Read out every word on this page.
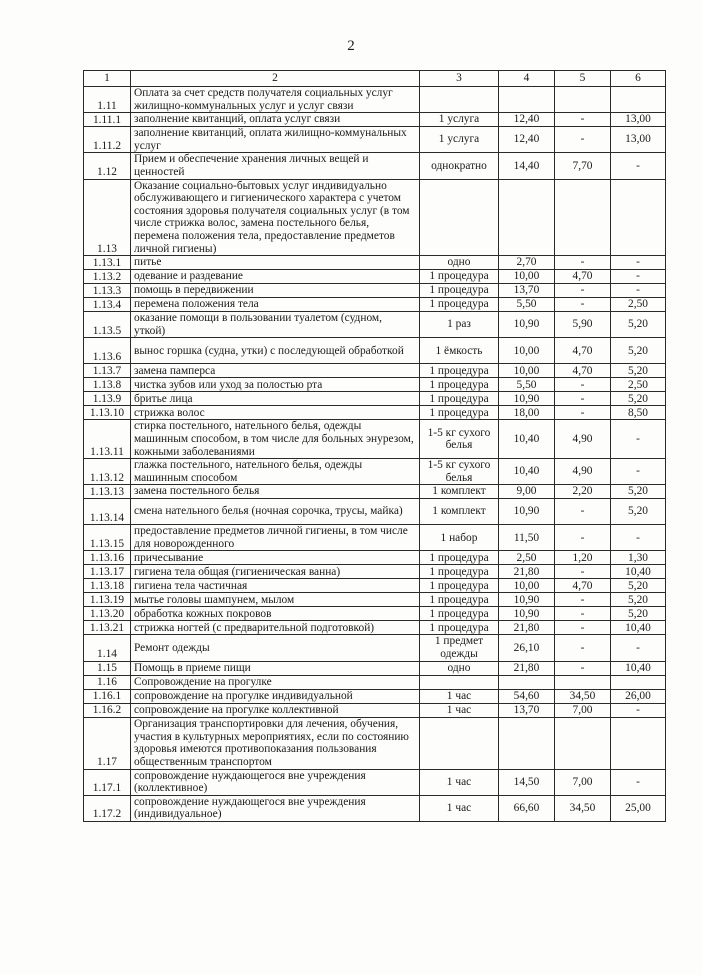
2
1	2	3	4	5	6
1.11	Оплата за счет средств получателя социальных услуг жилищно-коммунальных услуг и услуг связи				
1.11.1	заполнение квитанций, оплата услуг связи	1 услуга	12,40	-	13,00
1.11.2	заполнение квитанций, оплата жилищно-коммунальных услуг	1 услуга	12,40	-	13,00
1.12	Прием и обеспечение хранения личных вещей и ценностей	однократно	14,40	7,70	-
1.13	Оказание социально-бытовых услуг индивидуально обслуживающего и гигиенического характера с учетом состояния здоровья получателя социальных услуг (в том числе стрижка волос, замена постельного белья, перемена положения тела, предоставление предметов личной гигиены)				
1.13.1	питье	одно	2,70	-	-
1.13.2	одевание и раздевание	1 процедура	10,00	4,70	-
1.13.3	помощь в передвижении	1 процедура	13,70	-	-
1.13.4	перемена положения тела	1 процедура	5,50	-	2,50
1.13.5	оказание помощи в пользовании туалетом (судном, уткой)	1 раз	10,90	5,90	5,20
1.13.6	вынос горшка (судна, утки) с последующей обработкой	1 ёмкость	10,00	4,70	5,20
1.13.7	замена памперса	1 процедура	10,00	4,70	5,20
1.13.8	чистка зубов или уход за полостью рта	1 процедура	5,50	-	2,50
1.13.9	бритье лица	1 процедура	10,90	-	5,20
1.13.10	стрижка волос	1 процедура	18,00	-	8,50
1.13.11	стирка постельного, нательного белья, одежды машинным способом, в том числе для больных энурезом, кожными заболеваниями	1-5 кг сухого белья	10,40	4,90	-
1.13.12	глажка постельного, нательного белья, одежды машинным способом	1-5 кг сухого белья	10,40	4,90	-
1.13.13	замена постельного белья	1 комплект	9,00	2,20	5,20
1.13.14	смена нательного белья (ночная сорочка, трусы, майка)	1 комплект	10,90	-	5,20
1.13.15	предоставление предметов личной гигиены, в том числе для новорожденного	1 набор	11,50	-	-
1.13.16	причесывание	1 процедура	2,50	1,20	1,30
1.13.17	гигиена тела общая (гигиеническая ванна)	1 процедура	21,80	-	10,40
1.13.18	гигиена тела частичная	1 процедура	10,00	4,70	5,20
1.13.19	мытье головы шампунем, мылом	1 процедура	10,90	-	5,20
1.13.20	обработка кожных покровов	1 процедура	10,90	-	5,20
1.13.21	стрижка ногтей (с предварительной подготовкой)	1 процедура	21,80	-	10,40
1.14	Ремонт одежды	1 предмет одежды	26,10	-	-
1.15	Помощь в приеме пищи	одно	21,80	-	10,40
1.16	Сопровождение на прогулке				
1.16.1	сопровождение на прогулке индивидуальной	1 час	54,60	34,50	26,00
1.16.2	сопровождение на прогулке коллективной	1 час	13,70	7,00	-
1.17	Организация транспортировки для лечения, обучения, участия в культурных мероприятиях, если по состоянию здоровья имеются противопоказания пользования общественным транспортом				
1.17.1	сопровождение нуждающегося вне учреждения (коллективное)	1 час	14,50	7,00	-
1.17.2	сопровождение нуждающегося вне учреждения (индивидуальное)	1 час	66,60	34,50	25,00
